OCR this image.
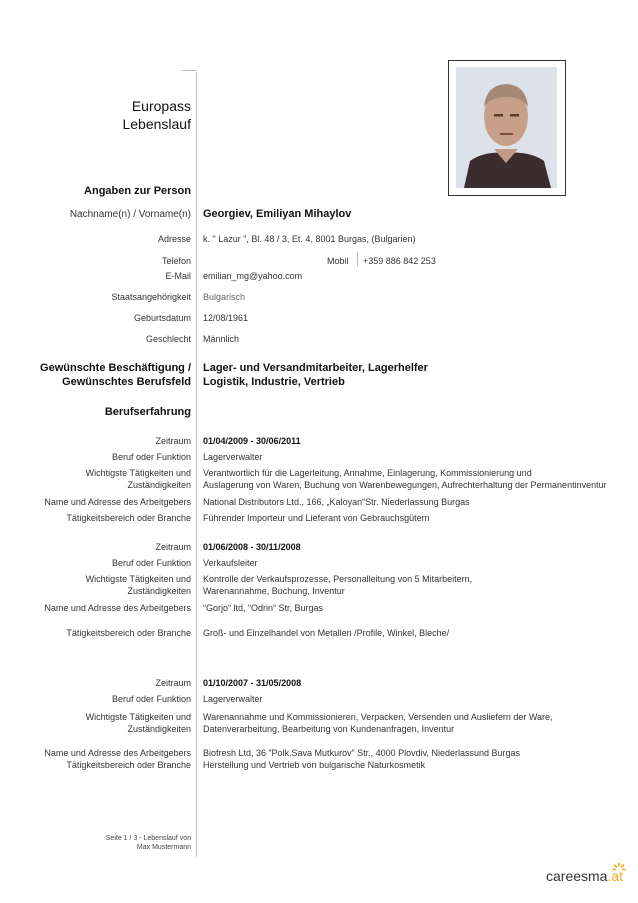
Europass
Lebenslauf
Angaben zur Person
Nachname(n) / Vorname(n) Georgiev, Emiliyan Mihaylov
Adresse k. " Lazur ", Bl. 48 / 3, Et. 4, 8001 Burgas, (Bulgarien)
Telefon	Mobil +359 886 842 253
E-Mail emilian_mg@yahoo.com
Staatsangehörigkeit Bulgarisch
Geburtsdatum 12/08/1961
Geschlecht Männlich
Gewünschte Beschäftigung /
Gewünschtes Berufsfeld
Lager- und Versandmitarbeiter, Lagerhelfer
Logistik, Industrie, Vertrieb
Berufserfahrung
Zeitraum 01/04/2009 - 30/06/2011
Beruf oder Funktion Lagerverwalter
Wichtigste Tätigkeiten und
Zuständigkeiten
Verantwortlich für die Lagerleitung, Annahme, Einlagerung, Kommissionierung und
Auslagerung von Waren, Buchung von Warenbewegungen, Aufrechterhaltung der Permanentinventur
Name und Adresse des Arbeitgebers National Distributors Ltd., 166, „Kaloyan“Str. Niederlassung Burgas
Tätigkeitsbereich oder Branche Führender Importeur und Lieferant von Gebrauchsgütern
Zeitraum 01/06/2008 - 30/11/2008
Beruf oder Funktion Verkaufsleiter
Wichtigste Tätigkeiten und
Zuständigkeiten
Kontrolle der Verkaufsprozesse, Personalleitung von 5 Mitarbeitern,
Warenannahme, Buchung, Inventur
Name und Adresse des Arbeitgebers “Gorjo“ ltd, “Odrin“ Str, Burgas
Tätigkeitsbereich oder Branche Groß- und Einzelhandel von Metallen /Profile, Winkel, Bleche/
Zeitraum 01/10/2007 - 31/05/2008
Beruf oder Funktion Lagerverwalter
Wichtigste Tätigkeiten und
Zuständigkeiten
Warenannahme und Kommissionieren, Verpacken, Versenden und Ausliefern der Ware,
Datenverarbeitung, Bearbeitung von Kundenanfragen, Inventur
Name und Adresse des Arbeitgebers Biofresh Ltd, 36 ”Polk.Sava Mutkurov” Str., 4000 Plovdiv, Niederlassund Burgas
Tätigkeitsbereich oder Branche Herstellung und Vertrieb von bulgarische Naturkosmetik
Seite 1 / 3 - Lebenslauf von
Max Mustermann
careesma.at
